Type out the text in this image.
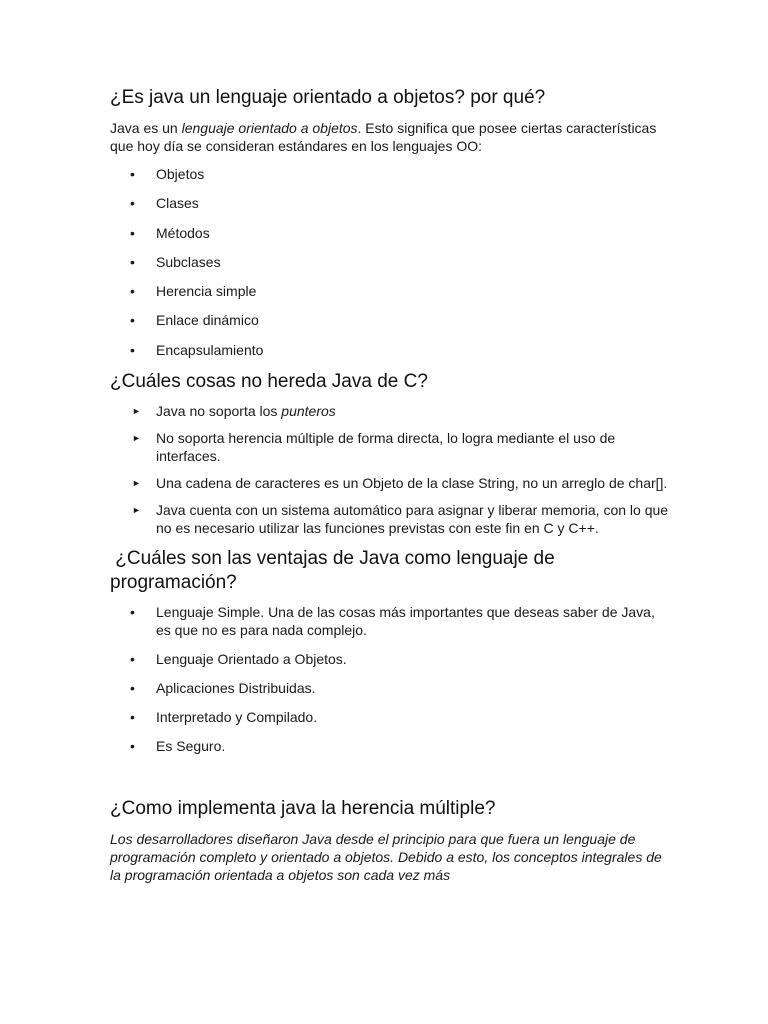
¿Es java un lenguaje orientado a objetos? por qué?

Java es un lenguaje orientado a objetos. Esto significa que posee ciertas características que hoy día se consideran estándares en los lenguajes OO:

•	Objetos
•	Clases
•	Métodos
•	Subclases
•	Herencia simple
•	Enlace dinámico
•	Encapsulamiento
¿Cuáles cosas no hereda Java de C?
►	Java no soporta los punteros
►	No soporta herencia múltiple de forma directa, lo logra mediante el uso de interfaces.
►	Una cadena de caracteres es un Objeto de la clase String, no un arreglo de char[].
►	Java cuenta con un sistema automático para asignar y liberar memoria, con lo que no es necesario utilizar las funciones previstas con este fin en C y C++.
¿Cuáles son las ventajas de Java como lenguaje de programación?
•	Lenguaje Simple. Una de las cosas más importantes que deseas saber de Java, es que no es para nada complejo.
•	Lenguaje Orientado a Objetos.
•	Aplicaciones Distribuidas.
•	Interpretado y Compilado.
•	Es Seguro.
¿Como implementa java la herencia múltiple?

Los desarrolladores diseñaron Java desde el principio para que fuera un lenguaje de programación completo y orientado a objetos. Debido a esto, los conceptos integrales de la programación orientada a objetos son cada vez más
